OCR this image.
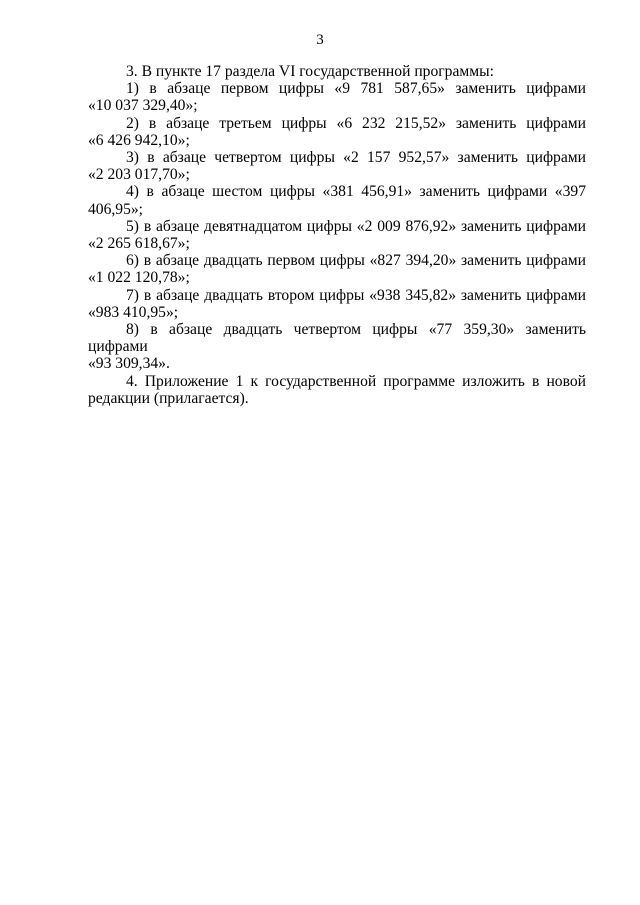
3

3. В пункте 17 раздела VI государственной программы:

1) в абзаце первом цифры «9 781 587,65» заменить цифрами

«10 037 329,40»;

2) в абзаце третьем цифры «6 232 215,52» заменить цифрами

«6 426 942,10»;

3) в абзаце четвертом цифры «2 157 952,57» заменить цифрами

«2 203 017,70»;

4) в абзаце шестом цифры «381 456,91» заменить цифрами «397 406,95»;

5) в абзаце девятнадцатом цифры «2 009 876,92» заменить цифрами

«2 265 618,67»;

6) в абзаце двадцать первом цифры «827 394,20» заменить цифрами

«1 022 120,78»;

7) в абзаце двадцать втором цифры «938 345,82» заменить цифрами

«983 410,95»;

8) в абзаце двадцать четвертом цифры «77 359,30» заменить цифрами

«93 309,34».

4. Приложение 1 к государственной программе изложить в новой

редакции (прилагается).
